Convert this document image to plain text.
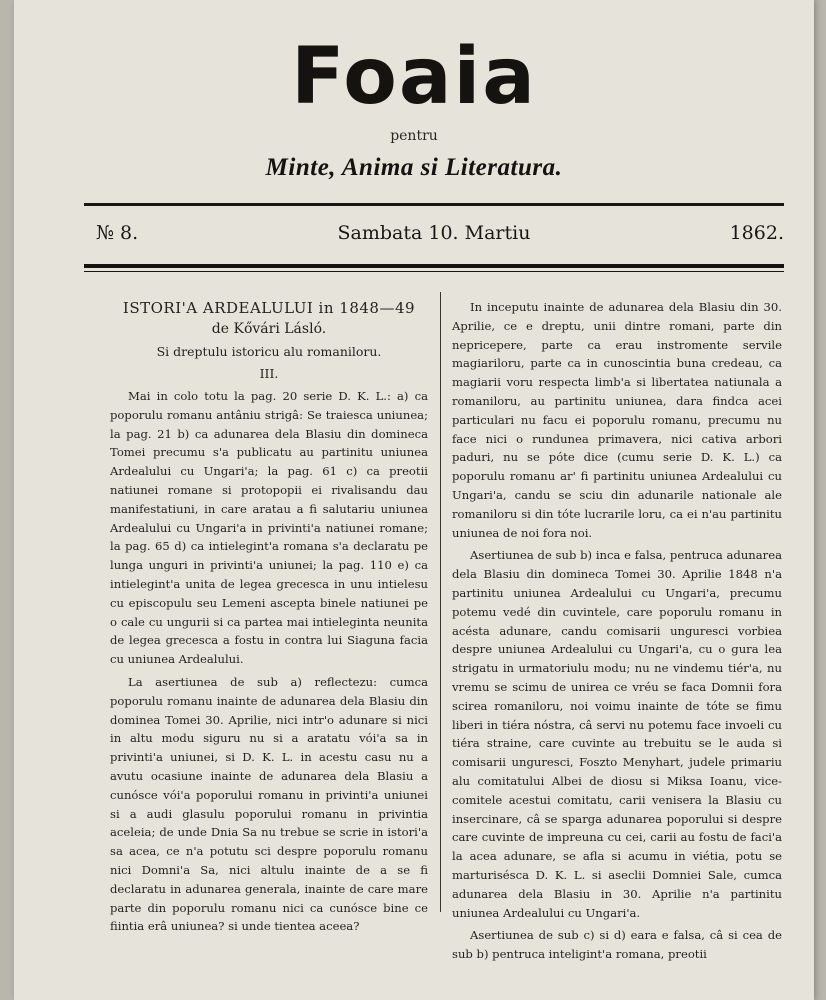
Foaia
pentru
Minte, Anima si Literatura.
Sambata 10. Martiu
№ 8.	1862.
ISTORI'A ARDEALULUI in 1848—49
de Kővári Lásló.
Si dreptulu istoricu alu romaniloru.
III.

Mai in colo totu la pag. 20 serie D. K. L.: a) ca poporulu romanu antâniu strigâ: Se traiesca uniunea; la pag. 21 b) ca adunarea dela Blasiu din dominecа Tomei precumu s'a publicatu au partinitu uniunea Ardealului cu Ungari'a; la pag. 61 c) ca preotii natiunei romane si protopopii ei rivalisandu dau manifestatiuni, in care aratau a fi salutariu uniunea Ardealului cu Ungari'a in privinti'a natiunei romane; la pag. 65 d) ca intielegint'a romana s'a declaratu pe lunga unguri in privinti'a uniunei; la pag. 110 e) ca intielegint'a unita de legea grecesca in unu intielesu cu episcopulu seu Lemeni ascepta binele natiunei pe o cale cu ungurii si ca partea mai intieleginta neunita de legea grecesca a fostu in contra lui Siaguna facia cu uniunea Ardealului.

La asertiunea de sub a) reflectezu: cumca poporulu romanu inainte de adunarea dela Blasiu din dominea Tomei 30. Aprilie, nici intr'o adunare si nici in altu modu siguru nu si a aratatu vói'a sa in privinti'a uniunei, si D. K. L. in acestu casu nu a avutu ocasiune inainte de adunarea dela Blasiu a cunósce vói'a poporului romanu in privinti'a uniunei si a audi glasulu poporului romanu in privintia aceleia; de unde Dnia Sa nu trebue se scrie in istori'a sa acea, ce n'a potutu sci despre poporulu romanu nici Domni'a Sa, nici altulu inainte de a se fi declaratu in adunarea generala, inainte de care mare parte din poporulu romanu nici ca cunósce bine ce fiintia erâ uniunea? si unde tientea aceea?

In inceputu inainte de adunarea dela Blasiu din 30. Aprilie, ce e dreptu, unii dintre romani, parte din nepricepere, parte ca erau instromente servile magiariloru, parte ca in cunoscintia buna credeau, ca magiarii voru respecta limb'a si libertatea natiunala a romaniloru, au partinitu uniunea, dara findca acei particulari nu facu ei poporulu romanu, precumu nu face nici o rundunea primavera, nici cativa arbori paduri, nu se póte dice (cumu serie D. K. L.) ca poporulu romanu ar' fi partinitu uniunea Ardealului cu Ungari'a, candu se sciu din adunarile nationale ale romaniloru si din tóte lucrarile loru, ca ei n'au partinitu uniunea de noi fora noi.

Asertiunea de sub b) inca e falsa, pentruca adunarea dela Blasiu din dominecа Tomei 30. Aprilie 1848 n'a partinitu uniunea Ardealului cu Ungari'a, precumu potemu vedé din cuvintele, care poporulu romanu in acésta adunare, candu comisarii unguresci vorbiea despre uniunea Ardealului cu Ungari'a, cu o gura lea strigatu in urmatoriulu modu; nu ne vindemu tiér'a, nu vremu se scimu de unirea ce vréu se faca Domnii fora scirea romaniloru, noi voimu inainte de tóte se fimu liberi in tiéra nóstra, câ servi nu potemu face invoeli cu tiéra straine, care cuvinte au trebuitu se le auda si comisarii unguresci, Foszto Menyhart, judele primariu alu comitatului Albei de diosu si Miksa Ioanu, vice-comitele acestui comitatu, carii venisera la Blasiu cu insercinare, câ se sparga adunarea poporului si despre care cuvinte de impreuna cu cei, carii au fostu de faci'a la acea adunare, se afla si acumu in viétia, potu se marturisésca D. K. L. si aseclii Domniei Sale, cumca adunarea dela Blasiu in 30. Aprilie n'a partinitu uniunea Ardealului cu Ungari'a.

Asertiunea de sub c) si d) eara e falsa, câ si cea de sub b) pentruca inteligint'a romana, preotii
